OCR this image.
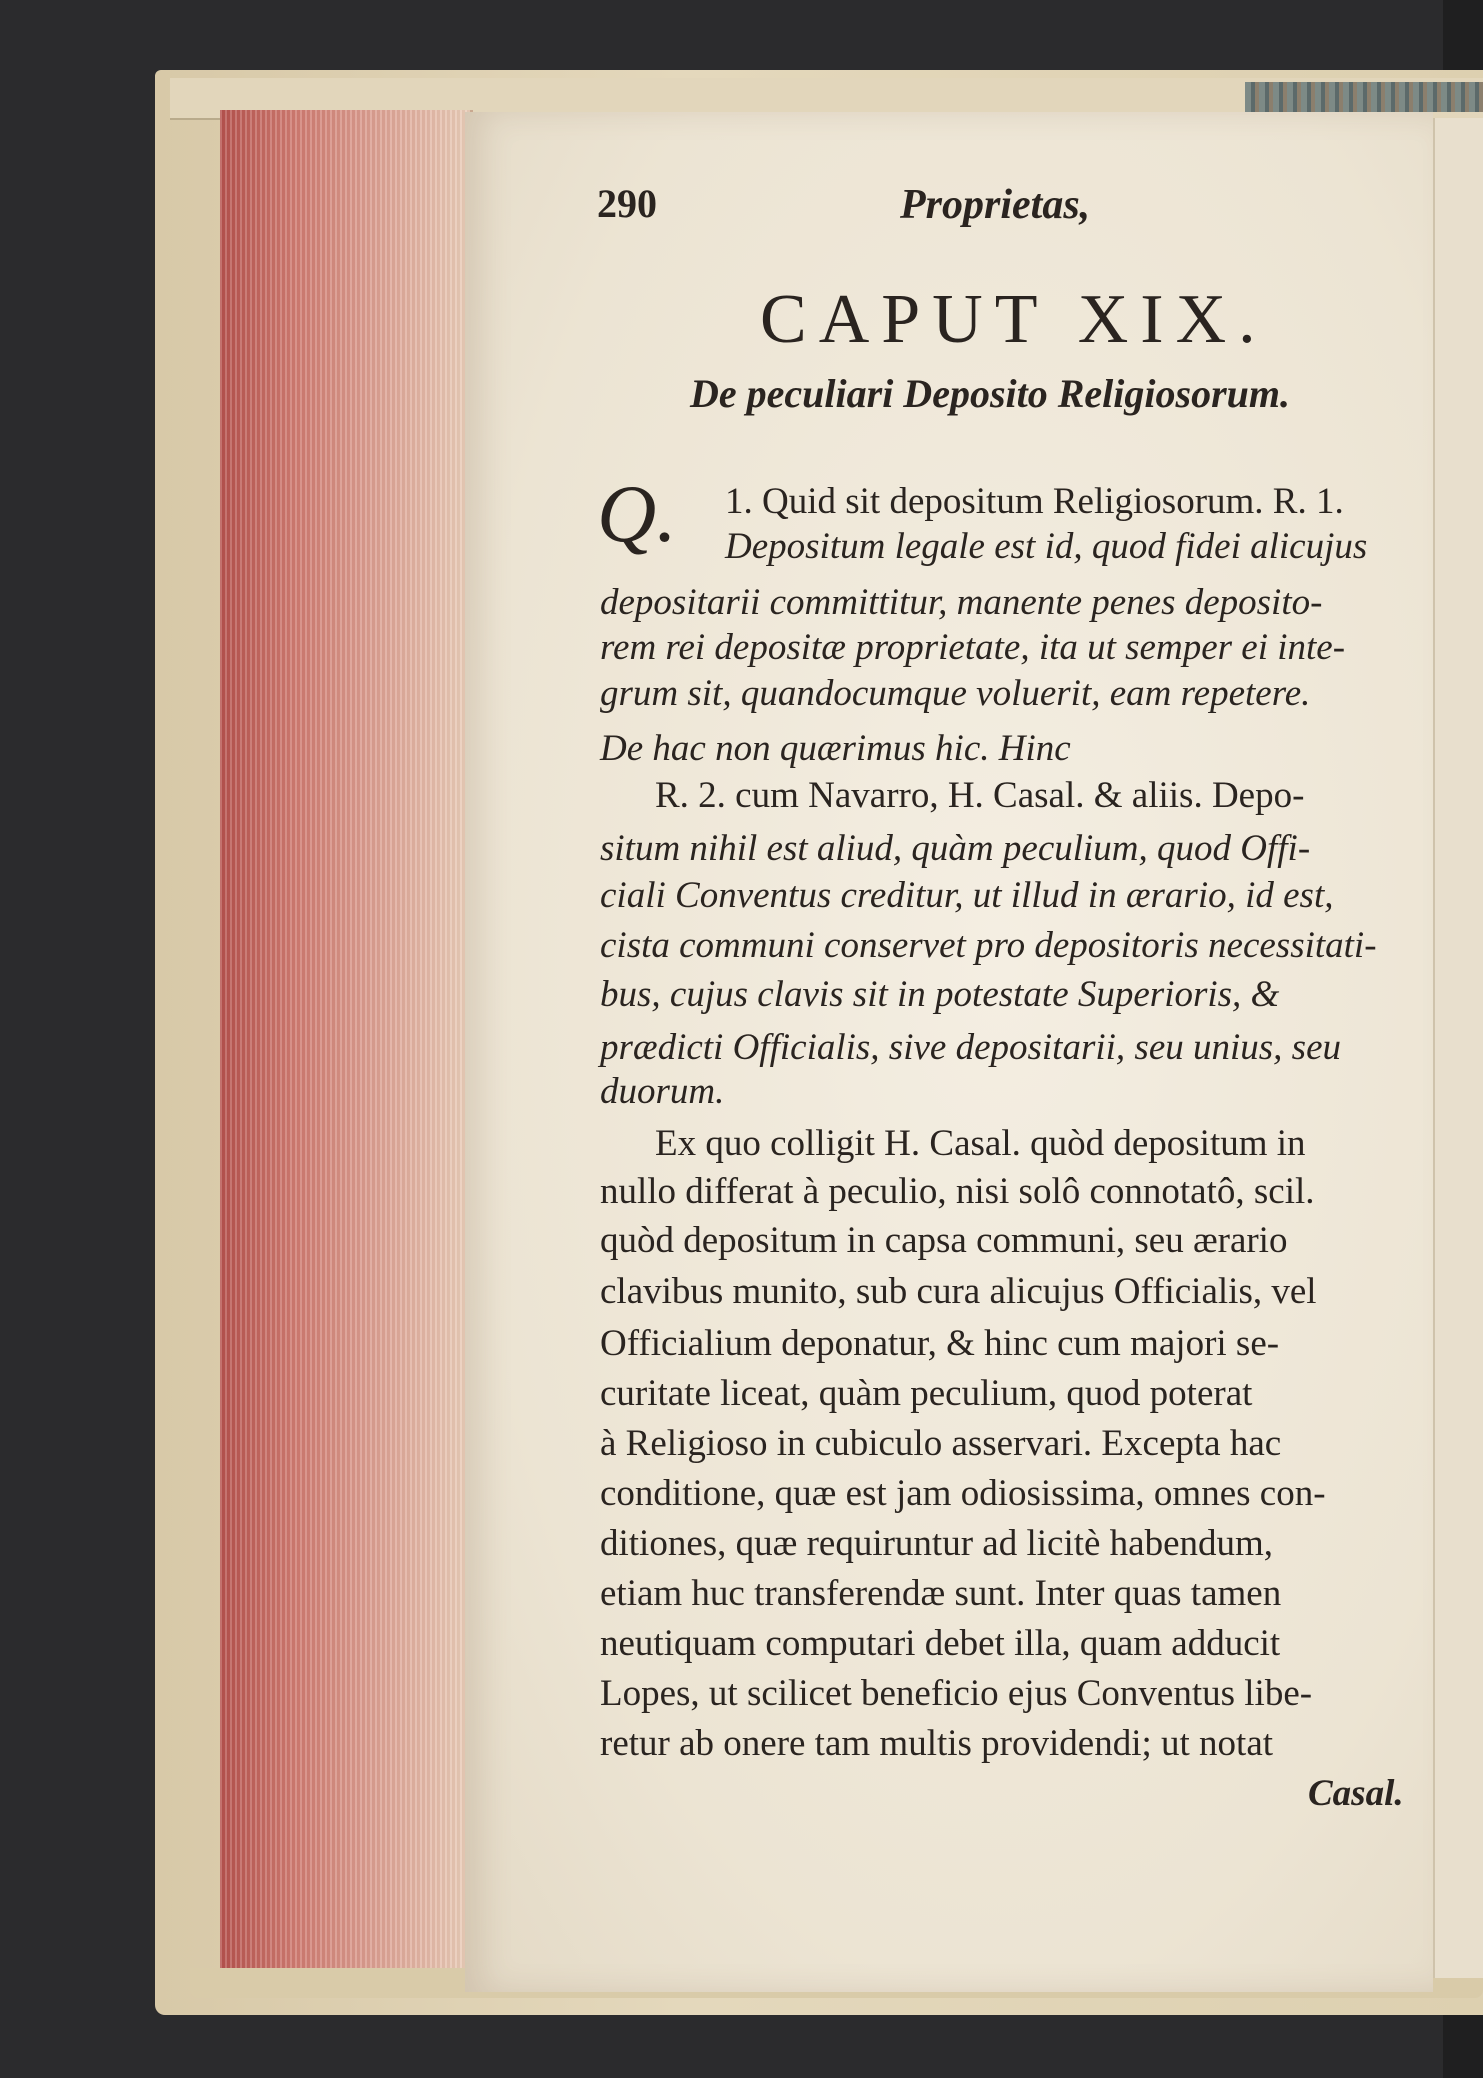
290	Proprietas,
CAPUT XIX.
De peculiari Deposito Religiosorum.
Q. 1. Quid sit depositum Religiosorum. R. 1.
Depositum legale est id, quod fidei alicujus
depositarii committitur, manente penes deposito-
rem rei depositæ proprietate, ita ut semper ei inte-
grum sit, quandocumque voluerit, eam repetere.
De hac non quærimus hic. Hinc
R. 2. cum Navarro, H. Casal. & aliis. Depo-
situm nihil est aliud, quàm peculium, quod Offi-
ciali Conventus creditur, ut illud in ærario, id est,
cista communi conservet pro depositoris necessitati-
bus, cujus clavis sit in potestate Superioris, &
prædicti Officialis, sive depositarii, seu unius, seu
duorum.
Ex quo colligit H. Casal. quòd depositum in
nullo differat à peculio, nisi solô connotatô, scil.
quòd depositum in capsa communi, seu ærario
clavibus munito, sub cura alicujus Officialis, vel
Officialium deponatur, & hinc cum majori se-
curitate liceat, quàm peculium, quod poterat
à Religioso in cubiculo asservari. Excepta hac
conditione, quæ est jam odiosissima, omnes con-
ditiones, quæ requiruntur ad licitè habendum,
etiam huc transferendæ sunt. Inter quas tamen
neutiquam computari debet illa, quam adducit
Lopes, ut scilicet beneficio ejus Conventus libe-
retur ab onere tam multis providendi; ut notat
Casal.
